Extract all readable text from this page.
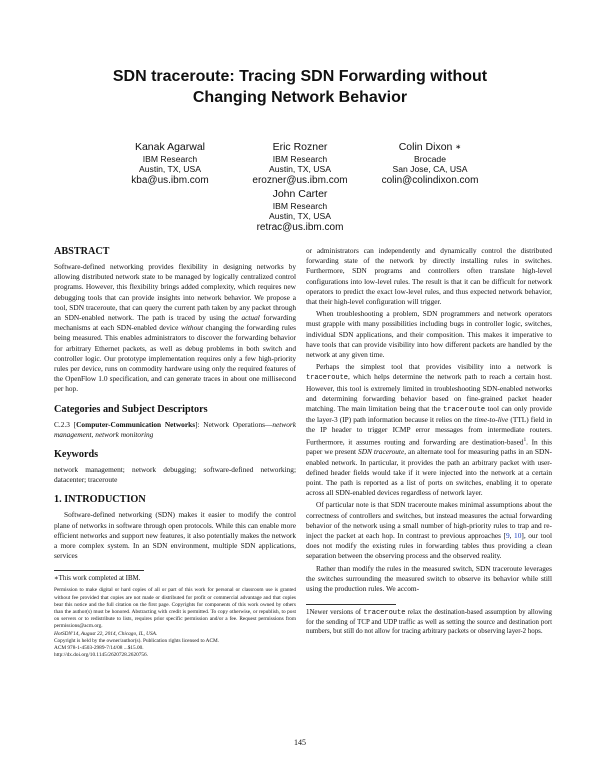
SDN traceroute: Tracing SDN Forwarding without
Changing Network Behavior
Kanak Agarwal
IBM Research
Austin, TX, USA
kba@us.ibm.com
Eric Rozner
IBM Research
Austin, TX, USA
erozner@us.ibm.com
Colin Dixon ∗
Brocade
San Jose, CA, USA
colin@colindixon.com
John Carter
IBM Research
Austin, TX, USA
retrac@us.ibm.com
ABSTRACT

Software-defined networking provides flexibility in designing networks by allowing distributed network state to be managed by logically centralized control programs. However, this flexibility brings added complexity, which requires new debugging tools that can provide insights into network behavior. We propose a tool, SDN traceroute, that can query the current path taken by any packet through an SDN-enabled network. The path is traced by using the actual forwarding mechanisms at each SDN-enabled device without changing the forwarding rules being measured. This enables administrators to discover the forwarding behavior for arbitrary Ethernet packets, as well as debug problems in both switch and controller logic. Our prototype implementation requires only a few high-priority rules per device, runs on commodity hardware using only the required features of the OpenFlow 1.0 specification, and can generate traces in about one millisecond per hop.

Categories and Subject Descriptors

C.2.3 [Computer-Communication Networks]: Network Operations—network management, network monitoring

Keywords

network management; network debugging; software-defined networking; datacenter; traceroute

1. INTRODUCTION

Software-defined networking (SDN) makes it easier to modify the control plane of networks in software through open protocols. While this can enable more efficient networks and support new features, it also potentially makes the network a more complex system. In an SDN environment, multiple SDN applications, services

∗This work completed at IBM.

Permission to make digital or hard copies of all or part of this work for personal or classroom use is granted without fee provided that copies are not made or distributed for profit or commercial advantage and that copies bear this notice and the full citation on the first page. Copyrights for components of this work owned by others than the author(s) must be honored. Abstracting with credit is permitted. To copy otherwise, or republish, to post on servers or to redistribute to lists, requires prior specific permission and/or a fee. Request permissions from permissions@acm.org.

HotSDN'14, August 22, 2014, Chicago, IL, USA.

Copyright is held by the owner/author(s). Publication rights licensed to ACM.

ACM 978-1-4503-2989-7/14/08 ...$15.00.

http://dx.doi.org/10.1145/2620728.2620756.

or administrators can independently and dynamically control the distributed forwarding state of the network by directly installing rules in switches. Furthermore, SDN programs and controllers often translate high-level configurations into low-level rules. The result is that it can be difficult for network operators to predict the exact low-level rules, and thus expected network behavior, that their high-level configuration will trigger.

When troubleshooting a problem, SDN programmers and network operators must grapple with many possibilities including bugs in controller logic, switches, individual SDN applications, and their composition. This makes it imperative to have tools that can provide visibility into how different packets are handled by the network at any given time.

Perhaps the simplest tool that provides visibility into a network is traceroute, which helps determine the network path to reach a certain host. However, this tool is extremely limited in troubleshooting SDN-enabled networks and determining forwarding behavior based on fine-grained packet header matching. The main limitation being that the traceroute tool can only provide the layer-3 (IP) path information because it relies on the time-to-live (TTL) field in the IP header to trigger ICMP error messages from intermediate routers. Furthermore, it assumes routing and forwarding are destination-based$^1$. In this paper we present SDN traceroute, an alternate tool for measuring paths in an SDN-enabled network. In particular, it provides the path an arbitrary packet with user-defined header fields would take if it were injected into the network at a certain point. The path is reported as a list of ports on switches, enabling it to operate across all SDN-enabled devices regardless of network layer.

Of particular note is that SDN traceroute makes minimal assumptions about the correctness of controllers and switches, but instead measures the actual forwarding behavior of the network using a small number of high-priority rules to trap and re-inject the packet at each hop. In contrast to previous approaches [9, 10], our tool does not modify the existing rules in forwarding tables thus providing a clean separation between the observing process and the observed reality.

Rather than modify the rules in the measured switch, SDN traceroute leverages the switches surrounding the measured switch to observe its behavior while still using the production rules. We accom-

1Newer versions of traceroute relax the destination-based assumption by allowing for the sending of TCP and UDP traffic as well as setting the source and destination port numbers, but still do not allow for tracing arbitrary packets or observing layer-2 hops.

145
